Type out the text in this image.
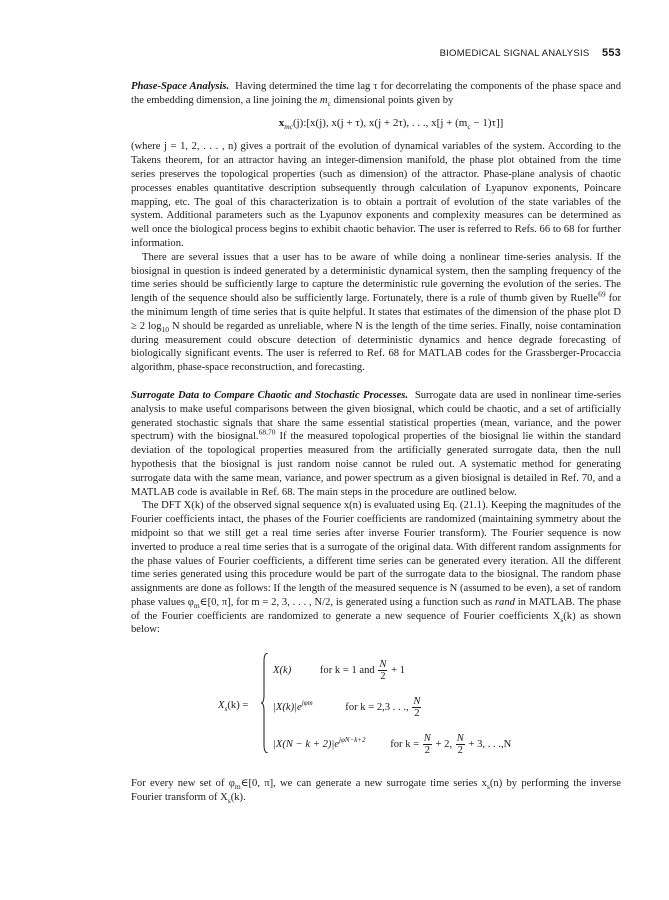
BIOMEDICAL SIGNAL ANALYSIS 553

Phase-Space Analysis. Having determined the time lag τ for decorrelating the components of the phase space and the embedding dimension, a line joining the $m_c$ dimensional points given by

$x_{mc}(j):[x(j)$, x(j + τ), x(j + 2τ), . . ., $x[j + (m_c - 1)\tau]$]

(where j = 1, 2, . . . , n) gives a portrait of the evolution of dynamical variables of the system. According to the Takens theorem, for an attractor having an integer-dimension manifold, the phase plot obtained from the time series preserves the topological properties (such as dimension) of the attractor. Phase-plane analysis of chaotic processes enables quantitative description subsequently through calculation of Lyapunov exponents, Poincare mapping, etc. The goal of this characterization is to obtain a portrait of evolution of the state variables of the system. Additional parameters such as the Lyapunov exponents and complexity measures can be determined as well once the biological process begins to exhibit chaotic behavior. The user is referred to Refs. 66 to 68 for further information.

There are several issues that a user has to be aware of while doing a nonlinear time-series analysis. If the biosignal in question is indeed generated by a deterministic dynamical system, then the sampling frequency of the time series should be sufficiently large to capture the deterministic rule governing the evolution of the series. The length of the sequence should also be sufficiently large. Fortunately, there is a rule of thumb given by Ruelle$^{69}$ for the minimum length of time series that is quite helpful. It states that estimates of the dimension of the phase plot D ≥ 2 $\log_{10} N$ should be regarded as unreliable, where N is the length of the time series. Finally, noise contamination during measurement could obscure detection of deterministic dynamics and hence degrade forecasting of biologically significant events. The user is referred to Ref. 68 for MATLAB codes for the Grassberger-Procaccia algorithm, phase-space reconstruction, and forecasting.

Surrogate Data to Compare Chaotic and Stochastic Processes. Surrogate data are used in nonlinear time-series analysis to make useful comparisons between the given biosignal, which could be chaotic, and a set of artificially generated stochastic signals that share the same essential statistical properties (mean, variance, and the power spectrum) with the biosignal.$^{68,70}$ If the measured topological properties of the biosignal lie within the standard deviation of the topological properties measured from the artificially generated surrogate data, then the null hypothesis that the biosignal is just random noise cannot be ruled out. A systematic method for generating surrogate data with the same mean, variance, and power spectrum as a given biosignal is detailed in Ref. 70, and a MATLAB code is available in Ref. 68. The main steps in the procedure are outlined below.

The DFT X(k) of the observed signal sequence x(n) is evaluated using Eq. (21.1). Keeping the magnitudes of the Fourier coefficients intact, the phases of the Fourier coefficients are randomized (maintaining symmetry about the midpoint so that we still get a real time series after inverse Fourier transform). The Fourier sequence is now inverted to produce a real time series that is a surrogate of the original data. With different random assignments for the phase values of Fourier coefficients, a different time series can be generated every iteration. All the different time series generated using this procedure would be part of the surrogate data to the biosignal. The random phase assignments are done as follows: If the length of the measured sequence is N (assumed to be even), a set of random phase values $\varphi_m\in[0$, π], for m = 2, 3, . . . , N/2, is generated using a function such as rand in MATLAB. The phase of the Fourier coefficients are randomized to generate a new sequence of Fourier coefficients $X_s(k)$ as shown below:

$X_s(k)$ =
X(k)	for k = 1 and $\frac{N}{2} + 1$
$|X(k)|e^{j\varphi m}$	for k = 2,3 . . ., $\frac{N}{2}$
$|X(N - k + 2)|e^{j\varphi N-k+2}$ for $k = \frac{N}{2} + 2$, $\frac{N}{2} + 3$, . . .,N

For every new set of $\varphi_m\in[0$, π], we can generate a new surrogate time series $x_s(n)$ by performing the inverse Fourier transform of $X_s(k)$.
